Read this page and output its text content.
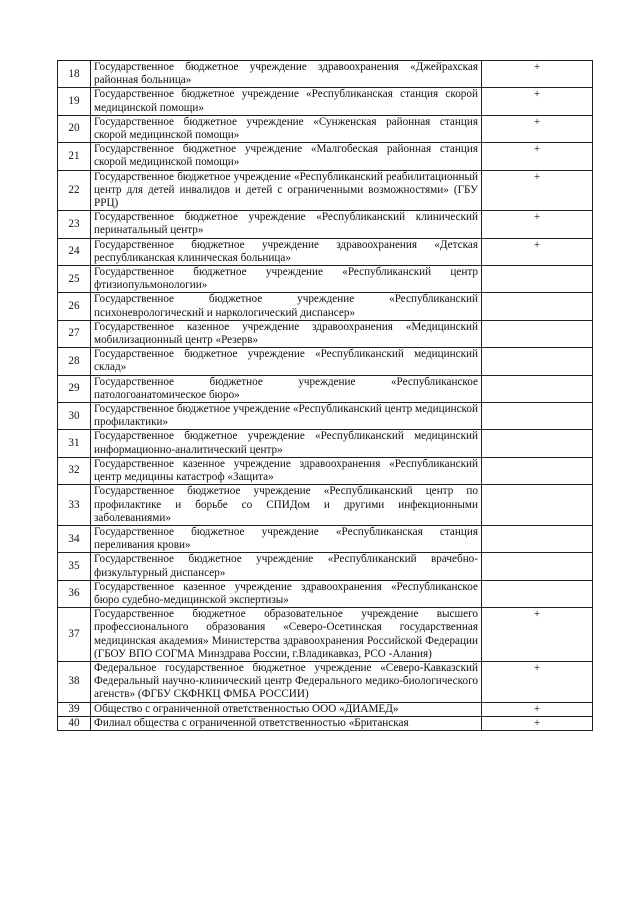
18	Государственное бюджетное учреждение здравоохранения «Джейрахская районная больница»	+
19	Государственное бюджетное учреждение «Республиканская станция скорой медицинской помощи»	+
20	Государственное бюджетное учреждение «Сунженская районная станция скорой медицинской помощи»	+
21	Государственное бюджетное учреждение «Малгобеская районная станция скорой медицинской помощи»	+
22	Государственное бюджетное учреждение «Республиканский реабилитационный центр для детей инвалидов и детей с ограниченными возможностями» (ГБУ РРЦ)	+
23	Государственное бюджетное учреждение «Республиканский клинический перинатальный центр»	+
24	Государственное бюджетное учреждение здравоохранения «Детская республиканская клиническая больница»	+
25	Государственное бюджетное учреждение «Республиканский центр фтизиопульмонологии»	
26	Государственное бюджетное учреждение «Республиканский психоневрологический и наркологический диспансер»	
27	Государственное казенное учреждение здравоохранения «Медицинский мобилизационный центр «Резерв»	
28	Государственное бюджетное учреждение «Республиканский медицинский склад»	
29	Государственное бюджетное учреждение «Республиканское патологоанатомическое бюро»	
30	Государственное бюджетное учреждение «Республиканский центр медицинской профилактики»	
31	Государственное бюджетное учреждение «Республиканский медицинский информационно-аналитический центр»	
32	Государственное казенное учреждение здравоохранения «Республиканский центр медицины катастроф «Защита»	
33	Государственное бюджетное учреждение «Республиканский центр по профилактике и борьбе со СПИДом и другими инфекционными заболеваниями»	
34	Государственное бюджетное учреждение «Республиканская станция переливания крови»	
35	Государственное бюджетное учреждение «Республиканский врачебно-физкультурный диспансер»	
36	Государственное казенное учреждение здравоохранения «Республиканское бюро судебно-медицинской экспертизы»	
37	Государственное бюджетное образовательное учреждение высшего профессионального образования «Северо-Осетинская государственная медицинская академия» Министерства здравоохранения Российской Федерации (ГБОУ ВПО СОГМА Минздрава России, г.Владикавказ, РСО -Алания)	+
38	Федеральное государственное бюджетное учреждение «Северо-Кавказский Федеральный научно-клинический центр Федерального медико-биологического агенств» (ФГБУ СКФНКЦ ФМБА РОССИИ)	+
39	Общество с ограниченной ответственностью ООО «ДИАМЕД»	+
40	Филиал общества с ограниченной ответственностью «Британская	+
